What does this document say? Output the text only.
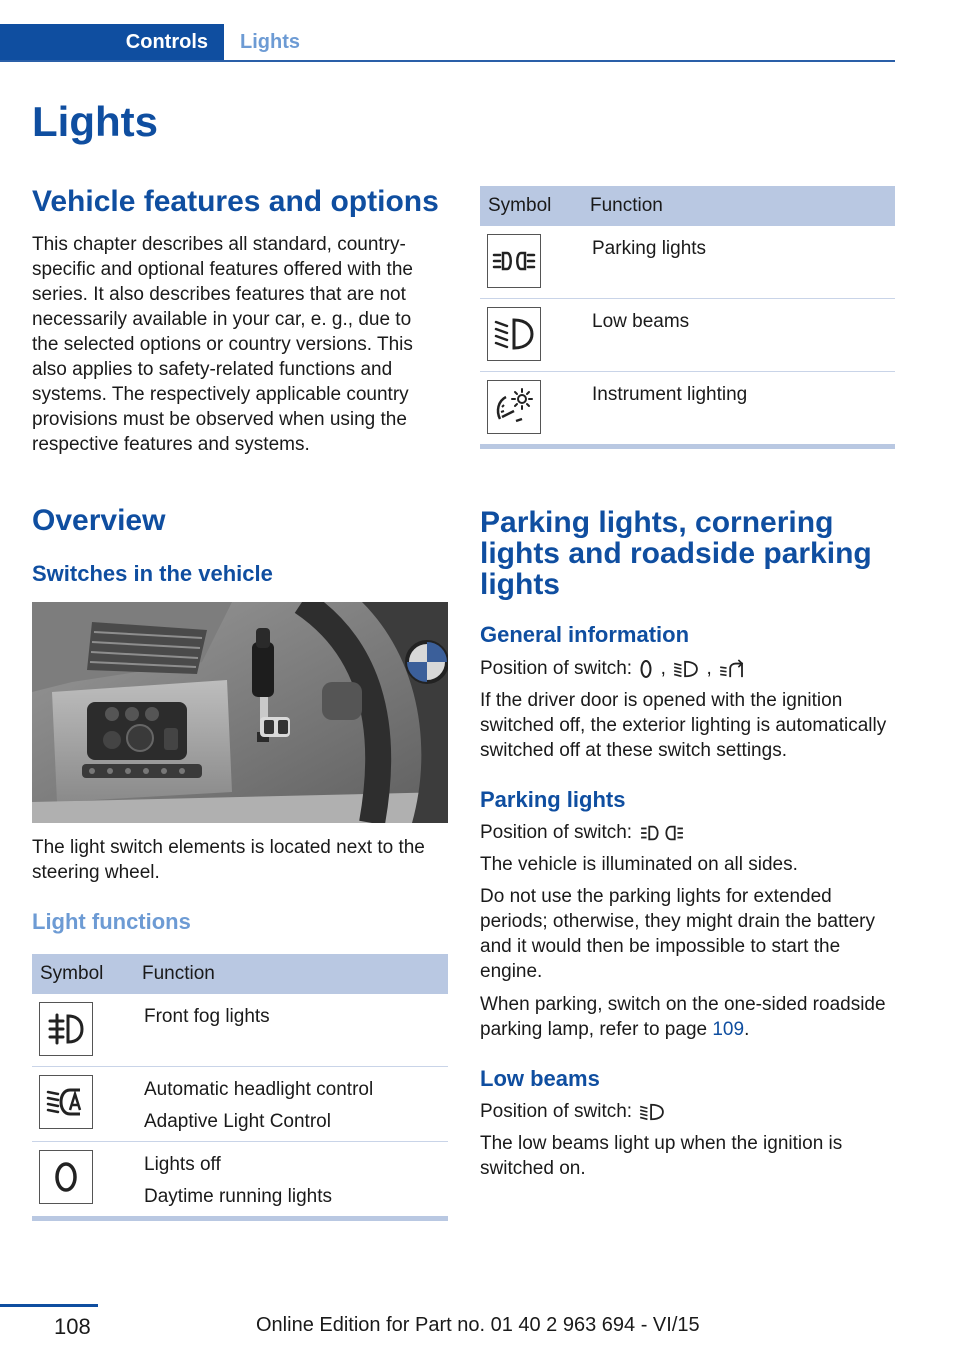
Controls Lights
Lights
Vehicle features and options
This chapter describes all standard, country-specific and optional features offered with the series. It also describes features that are not necessarily available in your car, e. g., due to the selected options or country versions. This also applies to safety-related functions and systems. The respectively applicable country provisions must be observed when using the respective features and systems.
Overview
Switches in the vehicle
The light switch elements is located next to the steering wheel.
Light functions
Symbol	Function

Front fog lights

Automatic headlight control
Adaptive Light Control

Lights off
Daytime running lights
Symbol	Function

Parking lights

Low beams

Instrument lighting
Parking lights, cornering lights and roadside parking lights
General information
Position of switch: , ,
If the driver door is opened with the ignition switched off, the exterior lighting is automatically switched off at these switch settings.
Parking lights
Position of switch:
The vehicle is illuminated on all sides.
Do not use the parking lights for extended periods; otherwise, they might drain the battery and it would then be impossible to start the engine.
When parking, switch on the one-sided roadside parking lamp, refer to page 109.
Low beams
Position of switch:
The low beams light up when the ignition is switched on.
108	Online Edition for Part no. 01 40 2 963 694 - VI/15
